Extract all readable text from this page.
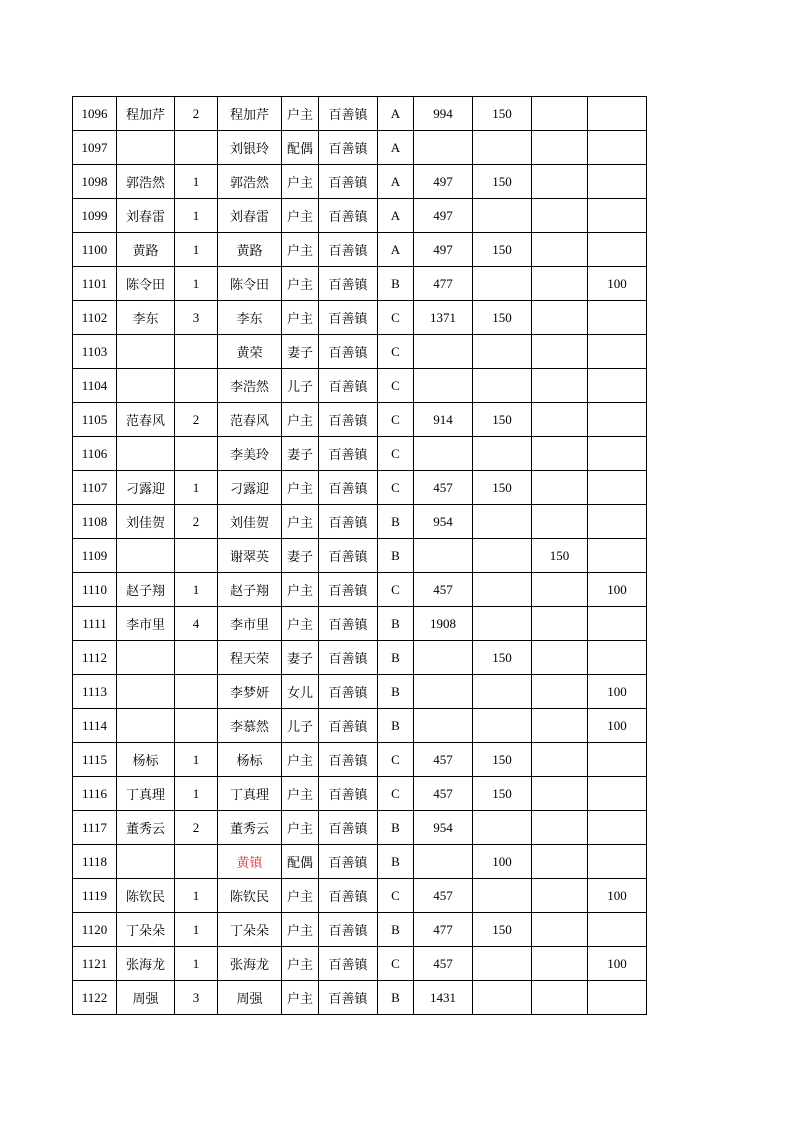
1096	程加芹	2	程加芹	户主	百善镇	A	994	150		
1097			刘银玲	配偶	百善镇	A				
1098	郭浩然	1	郭浩然	户主	百善镇	A	497	150		
1099	刘春雷	1	刘春雷	户主	百善镇	A	497			
1100	黄路	1	黄路	户主	百善镇	A	497	150		
1101	陈令田	1	陈令田	户主	百善镇	B	477			100
1102	李东	3	李东	户主	百善镇	C	1371	150		
1103			黄荣	妻子	百善镇	C				
1104			李浩然	儿子	百善镇	C				
1105	范春风	2	范春风	户主	百善镇	C	914	150		
1106			李美玲	妻子	百善镇	C				
1107	刁露迎	1	刁露迎	户主	百善镇	C	457	150		
1108	刘佳贺	2	刘佳贺	户主	百善镇	B	954			
1109			谢翠英	妻子	百善镇	B			150	
1110	赵子翔	1	赵子翔	户主	百善镇	C	457			100
1111	李市里	4	李市里	户主	百善镇	B	1908			
1112			程天荣	妻子	百善镇	B		150		
1113			李梦妍	女儿	百善镇	B				100
1114			李慕然	儿子	百善镇	B				100
1115	杨标	1	杨标	户主	百善镇	C	457	150		
1116	丁真理	1	丁真理	户主	百善镇	C	457	150		
1117	董秀云	2	董秀云	户主	百善镇	B	954			
1118			黄镇	配偶	百善镇	B		100		
1119	陈钦民	1	陈钦民	户主	百善镇	C	457			100
1120	丁朵朵	1	丁朵朵	户主	百善镇	B	477	150		
1121	张海龙	1	张海龙	户主	百善镇	C	457			100
1122	周强	3	周强	户主	百善镇	B	1431			
